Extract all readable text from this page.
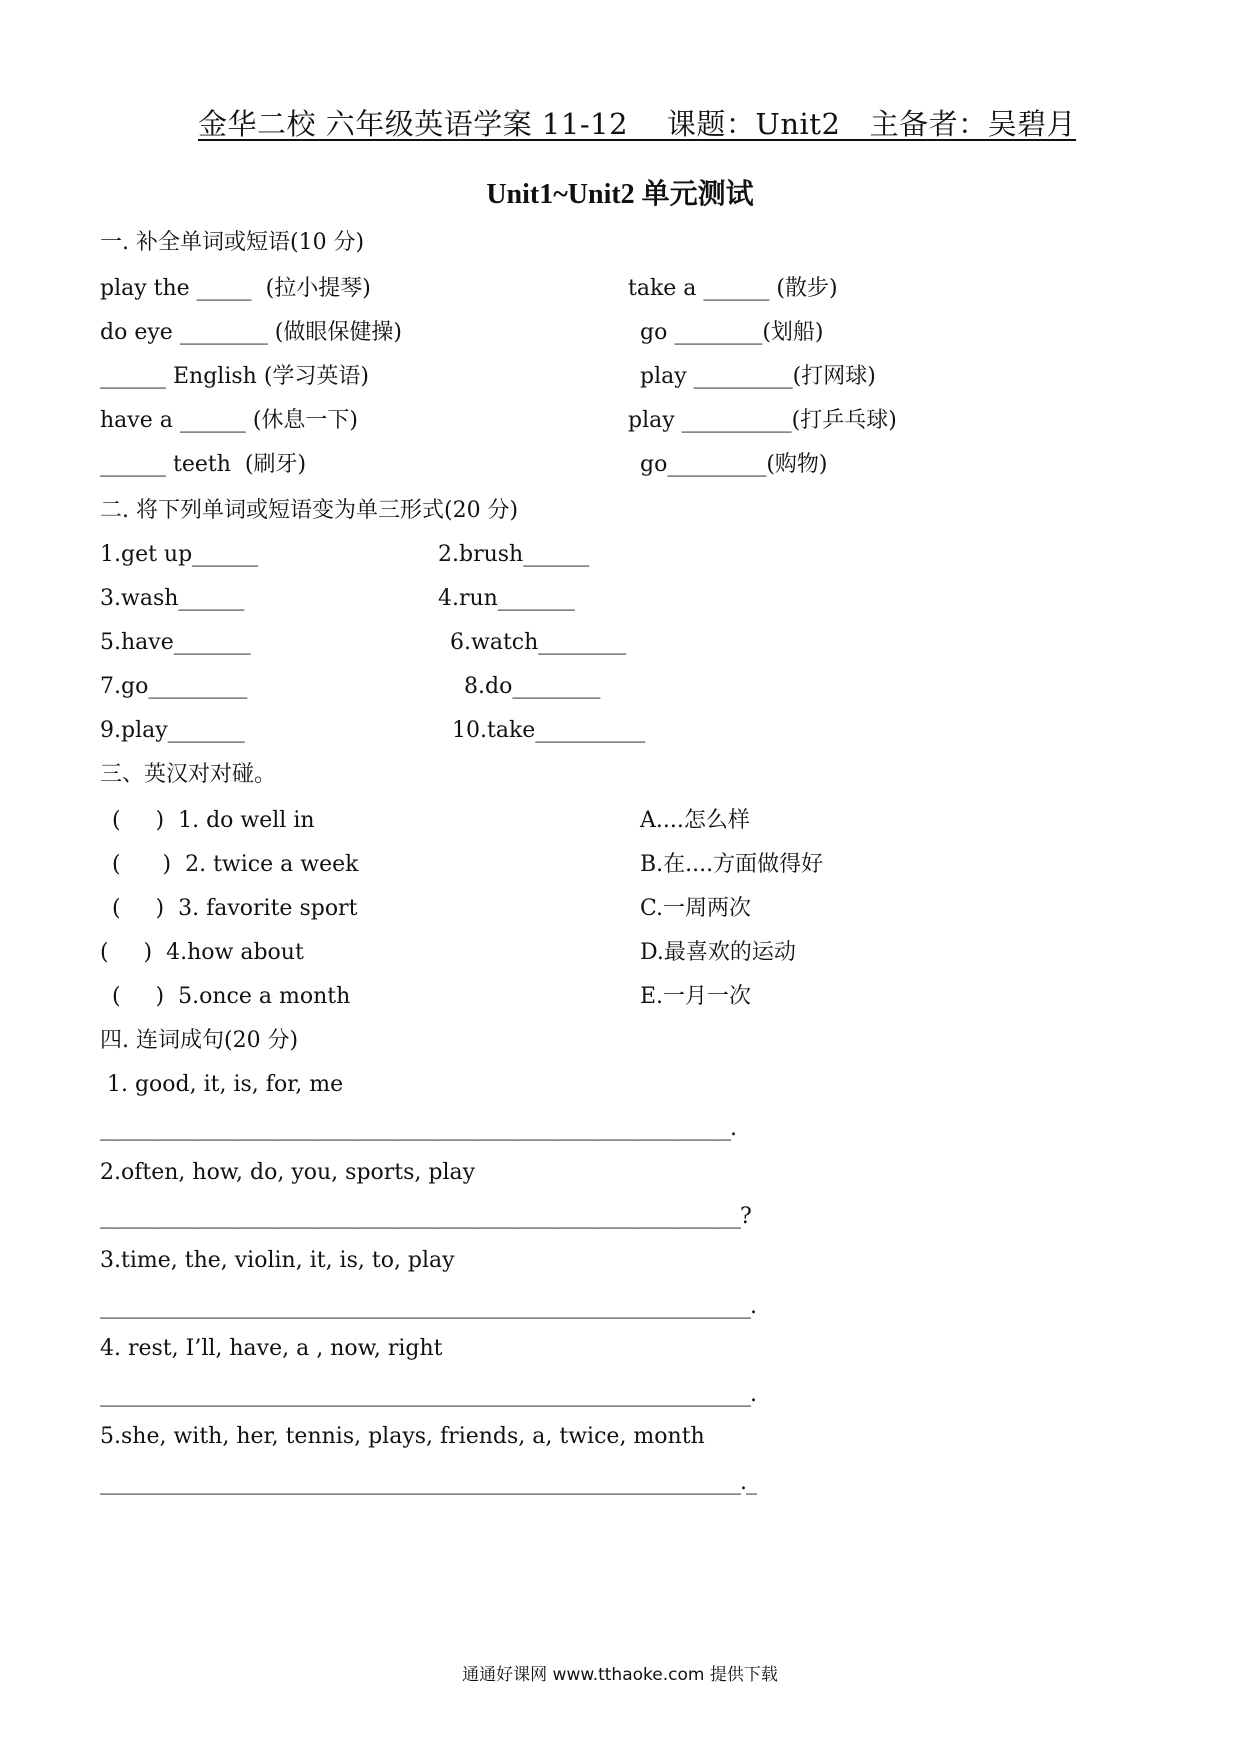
金华二校 六年级英语学案 11-12    课题：Unit2   主备者：吴碧月
Unit1~Unit2 单元测试
一. 补全单词或短语(10 分)
play the _____  (拉小提琴)
do eye ________ (做眼保健操)
______ English (学习英语)
have a ______ (休息一下)
______ teeth  (刷牙)
take a ______ (散步)
go ________(划船)
play _________(打网球)
play __________(打乒乓球)
go_________(购物)
二. 将下列单词或短语变为单三形式(20 分)
1.get up______
3.wash______
5.have_______
7.go_________
9.play_______
2.brush______
4.run_______
6.watch________
8.do________
10.take__________
三、英汉对对碰。
(     )  1. do well in
(      )  2. twice a week
(     )  3. favorite sport
(     )  4.how about
(     )  5.once a month
A....怎么样
B.在....方面做得好
C.一周两次
D.最喜欢的运动
E.一月一次
四. 连词成句(20 分)
1. good, it, is, for, me
_______________________________________________________________.
2.often, how, do, you, sports, play
________________________________________________________________?
3.time, the, violin, it, is, to, play
_________________________________________________________________.
4. rest, I’ll, have, a , now, right
_________________________________________________________________.
5.she, with, her, tennis, plays, friends, a, twice, month
________________________________________________________________._
通通好课网 www.tthaoke.com 提供下载
